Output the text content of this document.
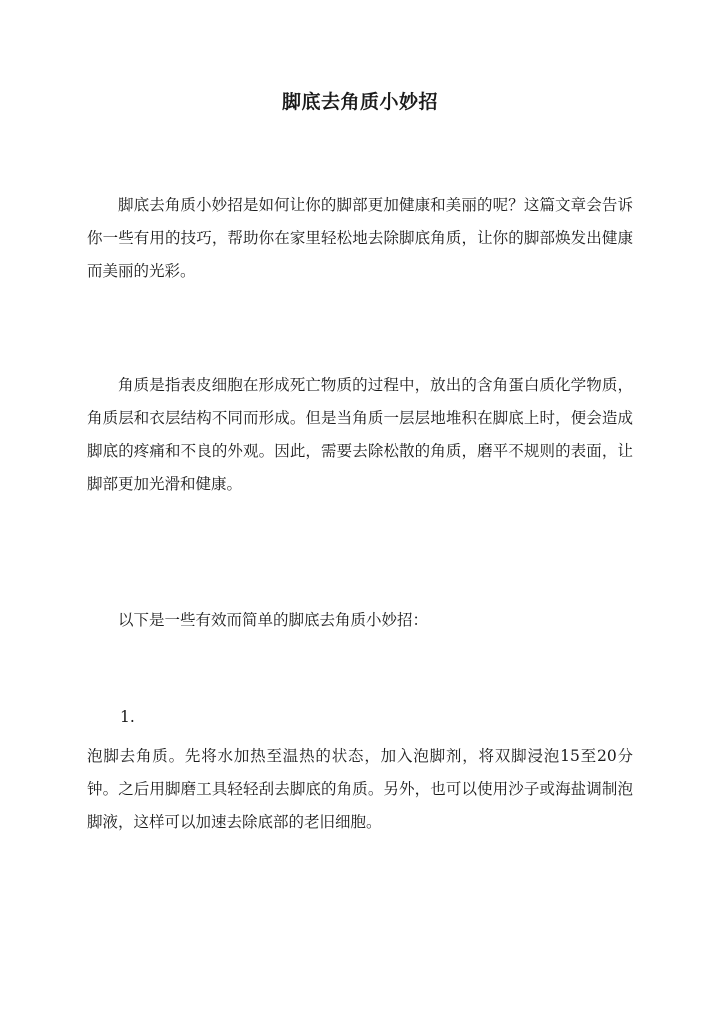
脚底去角质小妙招
脚底去角质小妙招是如何让你的脚部更加健康和美丽的呢？这篇文章会告诉你一些有用的技巧，帮助你在家里轻松地去除脚底角质，让你的脚部焕发出健康而美丽的光彩。
角质是指表皮细胞在形成死亡物质的过程中，放出的含角蛋白质化学物质，角质层和衣层结构不同而形成。但是当角质一层层地堆积在脚底上时，便会造成脚底的疼痛和不良的外观。因此，需要去除松散的角质，磨平不规则的表面，让脚部更加光滑和健康。
以下是一些有效而简单的脚底去角质小妙招：
1.
泡脚去角质。先将水加热至温热的状态，加入泡脚剂，将双脚浸泡15至20分钟。之后用脚磨工具轻轻刮去脚底的角质。另外，也可以使用沙子或海盐调制泡脚液，这样可以加速去除底部的老旧细胞。
